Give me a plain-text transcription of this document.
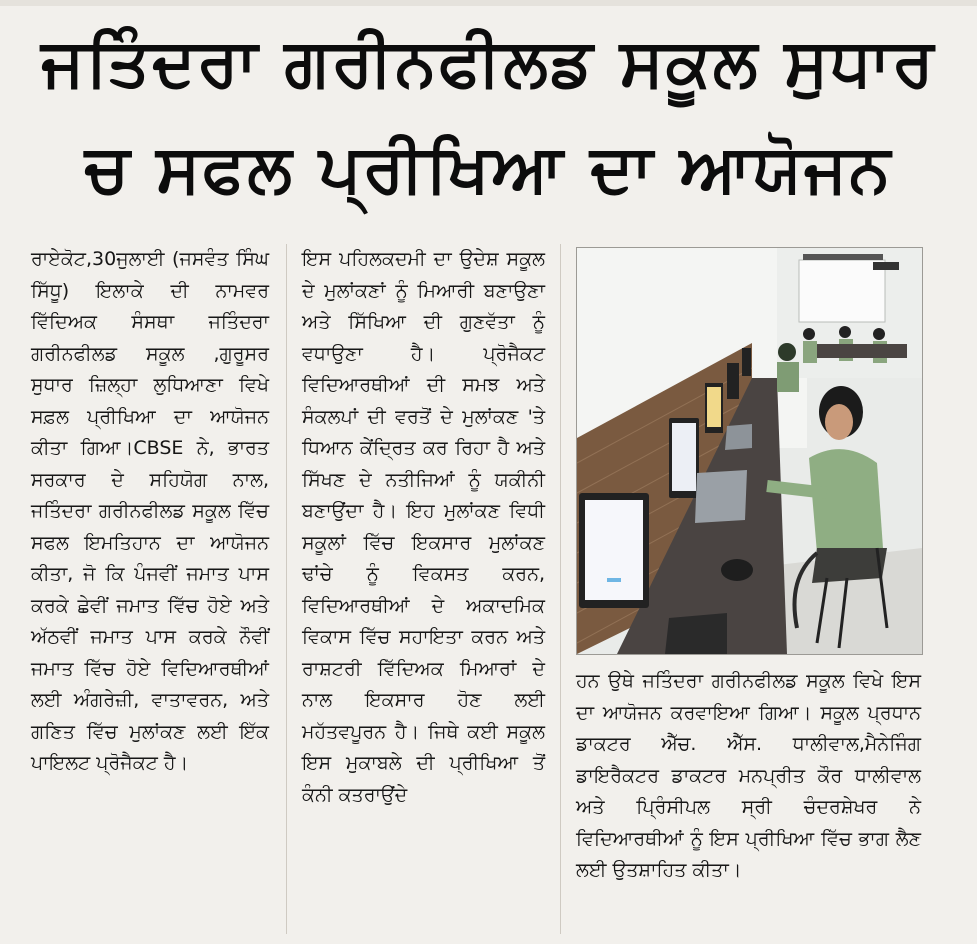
ਜਤਿੰਦਰਾ ਗਰੀਨਫੀਲਡ ਸਕੂਲ ਸੁਧਾਰ
ਚ ਸਫਲ ਪ੍ਰੀਖਿਆ ਦਾ ਆਯੋਜਨ

ਰਾਏਕੋਟ,30ਜੁਲਾਈ (ਜਸਵੰਤ ਸਿੰਘ ਸਿੱਧੂ) ਇਲਾਕੇ ਦੀ ਨਾਮਵਰ ਵਿੱਦਿਅਕ ਸੰਸਥਾ ਜਤਿੰਦਰਾ ਗਰੀਨਫੀਲਡ ਸਕੂਲ ,ਗੁਰੂਸਰ ਸੁਧਾਰ ਜ਼ਿਲ੍ਹਾ ਲੁਧਿਆਣਾ ਵਿਖੇ ਸਫ਼ਲ ਪ੍ਰੀਖਿਆ ਦਾ ਆਯੋਜਨ ਕੀਤਾ ਗਿਆ।CBSE ਨੇ, ਭਾਰਤ ਸਰਕਾਰ ਦੇ ਸਹਿਯੋਗ ਨਾਲ, ਜਤਿੰਦਰਾ ਗਰੀਨਫੀਲਡ ਸਕੂਲ ਵਿੱਚ ਸਫਲ ਇਮਤਿਹਾਨ ਦਾ ਆਯੋਜਨ ਕੀਤਾ, ਜੋ ਕਿ ਪੰਜਵੀਂ ਜਮਾਤ ਪਾਸ ਕਰਕੇ ਛੇਵੀਂ ਜਮਾਤ ਵਿੱਚ ਹੋਏ ਅਤੇ ਅੱਠਵੀਂ ਜਮਾਤ ਪਾਸ ਕਰਕੇ ਨੌਵੀਂ ਜਮਾਤ ਵਿੱਚ ਹੋਏ ਵਿਦਿਆਰਥੀਆਂ ਲਈ ਅੰਗਰੇਜ਼ੀ, ਵਾਤਾਵਰਨ, ਅਤੇ ਗਣਿਤ ਵਿੱਚ ਮੁਲਾਂਕਣ ਲਈ ਇੱਕ ਪਾਇਲਟ ਪ੍ਰੋਜੈਕਟ ਹੈ।

ਇਸ ਪਹਿਲਕਦਮੀ ਦਾ ਉਦੇਸ਼ ਸਕੂਲ ਦੇ ਮੁਲਾਂਕਣਾਂ ਨੂੰ ਮਿਆਰੀ ਬਣਾਉਣਾ ਅਤੇ ਸਿੱਖਿਆ ਦੀ ਗੁਣਵੱਤਾ ਨੂੰ ਵਧਾਉਣਾ ਹੈ। ਪ੍ਰੋਜੈਕਟ ਵਿਦਿਆਰਥੀਆਂ ਦੀ ਸਮਝ ਅਤੇ ਸੰਕਲਪਾਂ ਦੀ ਵਰਤੋਂ ਦੇ ਮੁਲਾਂਕਣ 'ਤੇ ਧਿਆਨ ਕੇਂਦ੍ਰਿਤ ਕਰ ਰਿਹਾ ਹੈ ਅਤੇ ਸਿੱਖਣ ਦੇ ਨਤੀਜਿਆਂ ਨੂੰ ਯਕੀਨੀ ਬਣਾਉਂਦਾ ਹੈ। ਇਹ ਮੁਲਾਂਕਣ ਵਿਧੀ ਸਕੂਲਾਂ ਵਿੱਚ ਇਕਸਾਰ ਮੁਲਾਂਕਣ ਢਾਂਚੇ ਨੂੰ ਵਿਕਸਤ ਕਰਨ, ਵਿਦਿਆਰਥੀਆਂ ਦੇ ਅਕਾਦਮਿਕ ਵਿਕਾਸ ਵਿੱਚ ਸਹਾਇਤਾ ਕਰਨ ਅਤੇ ਰਾਸ਼ਟਰੀ ਵਿੱਦਿਅਕ ਮਿਆਰਾਂ ਦੇ ਨਾਲ ਇਕਸਾਰ ਹੋਣ ਲਈ ਮਹੱਤਵਪੂਰਨ ਹੈ। ਜਿਥੇ ਕਈ ਸਕੂਲ ਇਸ ਮੁਕਾਬਲੇ ਦੀ ਪ੍ਰੀਖਿਆ ਤੋਂ ਕੰਨੀ ਕਤਰਾਉਂਦੇ

ਹਨ ਉਥੇ ਜਤਿੰਦਰਾ ਗਰੀਨਫੀਲਡ ਸਕੂਲ ਵਿਖੇ ਇਸ ਦਾ ਆਯੋਜਨ ਕਰਵਾਇਆ ਗਿਆ। ਸਕੂਲ ਪ੍ਰਧਾਨ ਡਾਕਟਰ ਐੱਚ. ਐੱਸ. ਧਾਲੀਵਾਲ,ਮੈਨੇਜਿੰਗ ਡਾਇਰੈਕਟਰ ਡਾਕਟਰ ਮਨਪ੍ਰੀਤ ਕੌਰ ਧਾਲੀਵਾਲ ਅਤੇ ਪ੍ਰਿੰਸੀਪਲ ਸ੍ਰੀ ਚੰਦਰਸ਼ੇਖਰ ਨੇ ਵਿਦਿਆਰਥੀਆਂ ਨੂੰ ਇਸ ਪ੍ਰੀਖਿਆ ਵਿੱਚ ਭਾਗ ਲੈਣ ਲਈ ਉਤਸ਼ਾਹਿਤ ਕੀਤਾ।
